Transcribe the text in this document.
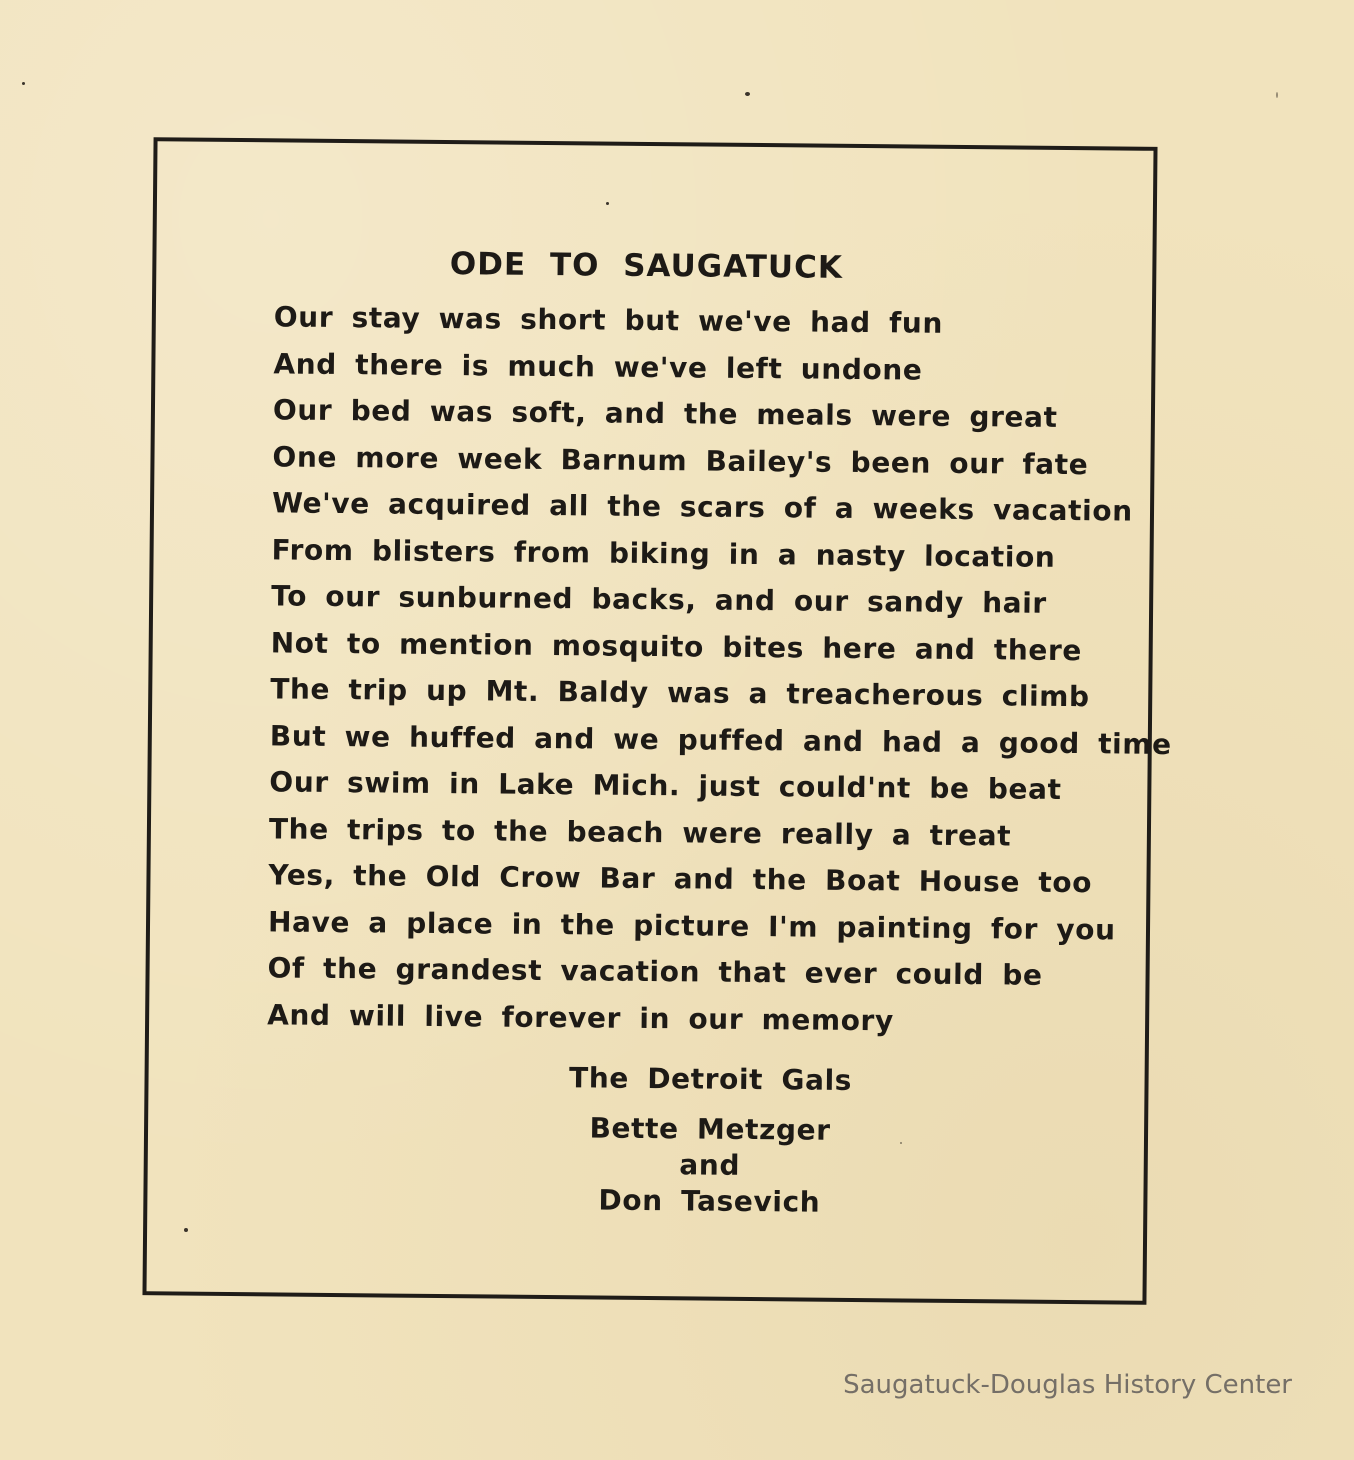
ODE TO SAUGATUCK
Our stay was short but we've had fun
And there is much we've left undone
Our bed was soft, and the meals were great
One more week Barnum Bailey's been our fate
We've acquired all the scars of a weeks vacation
From blisters from biking in a nasty location
To our sunburned backs, and our sandy hair
Not to mention mosquito bites here and there
The trip up Mt. Baldy was a treacherous climb
But we huffed and we puffed and had a good time
Our swim in Lake Mich. just could'nt be beat
The trips to the beach were really a treat
Yes, the Old Crow Bar and the Boat House too
Have a place in the picture I'm painting for you
Of the grandest vacation that ever could be
And will live forever in our memory
The Detroit Gals
Bette Metzger
and
Don Tasevich
Saugatuck-Douglas History Center
